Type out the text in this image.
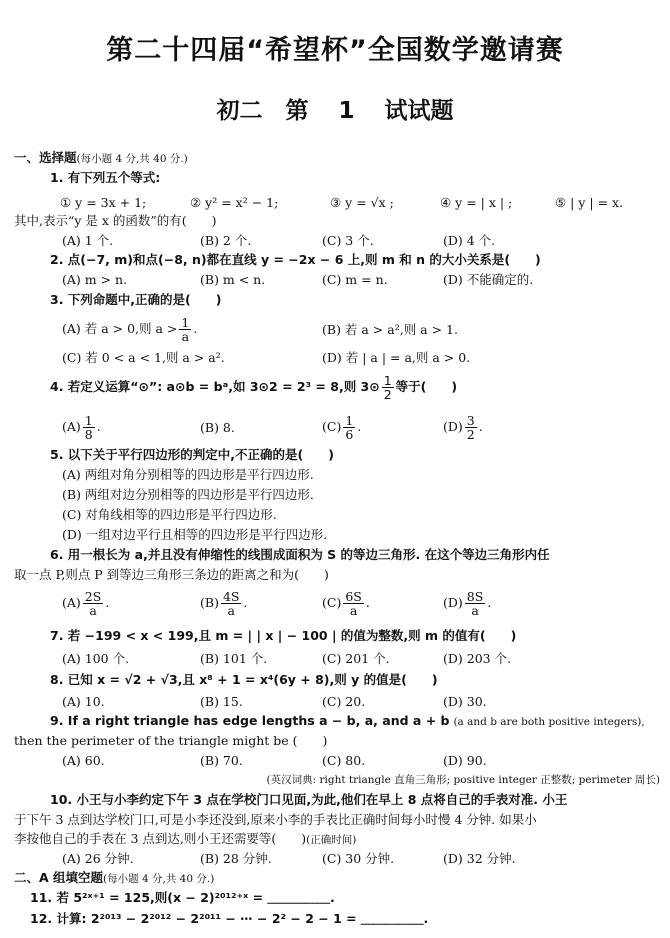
第二十四届“希望杯”全国数学邀请赛
初二　第 1 试试题
一、选择题(每小题 4 分,共 40 分.)
1. 有下列五个等式:
① y = 3x + 1;	② y² = x² − 1;	③ y = √x ;	④ y = | x | ;	⑤ | y | = x.
其中,表示“y 是 x 的函数”的有(　　)
(A) 1 个.	(B) 2 个.	(C) 3 个.	(D) 4 个.
2. 点(−7, m)和点(−8, n)都在直线 y = −2x − 6 上,则 m 和 n 的大小关系是(　　)
(A) m > n.	(B) m < n.	(C) m = n.	(D) 不能确定的.
3. 下列命题中,正确的是(　　)
(A) 若 a > 0,则 $a > \frac{1}{a}$ .	(B) 若 a > a²,则 a > 1.
(C) 若 0 < a < 1,则 a > a².	(D) 若 | a | = a,则 a > 0.
4. 若定义运算“⊙”: a⊙b = bᵃ,如 3⊙2 = 2³ = 8,则 3⊙ $\frac{1}{2}$ 等于(　　)
$(A) \frac{1}{8}$ .	(B) 8.	$(C) \frac{1}{6}$ .	$(D) \frac{3}{2}$ .
5. 以下关于平行四边形的判定中,不正确的是(　　)
(A) 两组对角分别相等的四边形是平行四边形.
(B) 两组对边分别相等的四边形是平行四边形.
(C) 对角线相等的四边形是平行四边形.
(D) 一组对边平行且相等的四边形是平行四边形.
6. 用一根长为 a,并且没有伸缩性的线围成面积为 S 的等边三角形. 在这个等边三角形内任
取一点 P,则点 P 到等边三角形三条边的距离之和为(　　)
$(A) \frac{2S}{a}$ .	$(B) \frac{4S}{a}$ .	$(C) \frac{6S}{a}$ .	$(D) \frac{8S}{a}$ .
7. 若 −199 < x < 199,且 m = | | x | − 100 | 的值为整数,则 m 的值有(　　)
(A) 100 个.	(B) 101 个.	(C) 201 个.	(D) 203 个.
8. 已知 x = √2 + √3,且 x⁸ + 1 = x⁴(6y + 8),则 y 的值是(　　)
(A) 10.	(B) 15.	(C) 20.	(D) 30.
9. If a right triangle has edge lengths a − b, a, and a + b (a and b are both positive integers),
then the perimeter of the triangle might be (　　)
(A) 60.	(B) 70.	(C) 80.	(D) 90.
(英汉词典: right triangle 直角三角形; positive integer 正整数; perimeter 周长)
10. 小王与小李约定下午 3 点在学校门口见面,为此,他们在早上 8 点将自己的手表对准. 小王
于下午 3 点到达学校门口,可是小李还没到,原来小李的手表比正确时间每小时慢 4 分钟. 如果小
李按他自己的手表在 3 点到达,则小王还需要等(　　)(正确时间)
(A) 26 分钟.	(B) 28 分钟.	(C) 30 分钟.	(D) 32 分钟.
二、A 组填空题(每小题 4 分,共 40 分.)
11. 若 5²ˣ⁺¹ = 125,则(x − 2)²⁰¹²⁺ˣ = ＿＿＿＿＿.
12. 计算: 2²⁰¹³ − 2²⁰¹² − 2²⁰¹¹ − ⋯ − 2² − 2 − 1 = ＿＿＿＿＿.
